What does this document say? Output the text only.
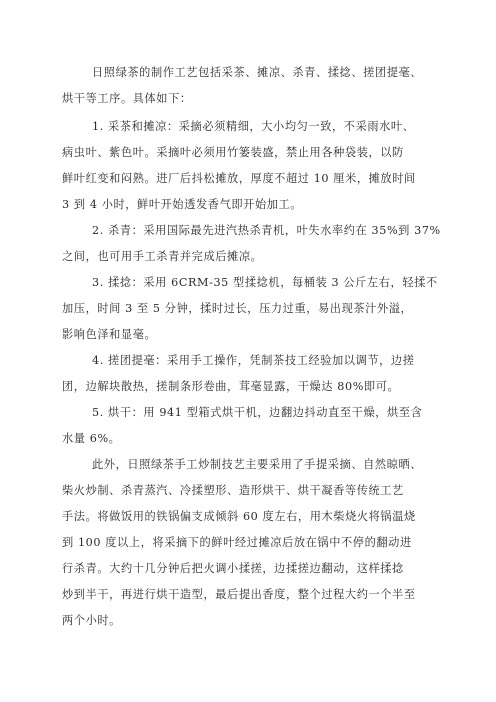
日照绿茶的制作工艺包括采茶、摊凉、杀青、揉捻、搓团提毫、
烘干等工序。具体如下：
1. 采茶和摊凉：采摘必须精细，大小均匀一致，不采雨水叶、
病虫叶、紫色叶。采摘叶必须用竹篓装盛，禁止用各种袋装，以防
鲜叶红变和闷熟。进厂后抖松摊放，厚度不超过 10 厘米，摊放时间
3 到 4 小时，鲜叶开始透发香气即开始加工。
2. 杀青：采用国际最先进汽热杀青机，叶失水率约在 35%到 37%
之间，也可用手工杀青并完成后摊凉。
3. 揉捻：采用 6CRM-35 型揉捻机，每桶装 3 公斤左右，轻揉不
加压，时间 3 至 5 分钟，揉时过长，压力过重，易出现茶汁外溢，
影响色泽和显毫。
4. 搓团提毫：采用手工操作，凭制茶技工经验加以调节，边搓
团，边解块散热，搓制条形卷曲，茸毫显露，干燥达 80%即可。
5. 烘干：用 941 型箱式烘干机，边翻边抖动直至干燥，烘至含
水量 6%。
此外，日照绿茶手工炒制技艺主要采用了手提采摘、自然晾晒、
柴火炒制、杀青蒸汽、冷揉塑形、造形烘干、烘干凝香等传统工艺
手法。将做饭用的铁锅偏支成倾斜 60 度左右，用木柴烧火将锅温烧
到 100 度以上，将采摘下的鲜叶经过摊凉后放在锅中不停的翻动进
行杀青。大约十几分钟后把火调小揉搓，边揉搓边翻动，这样揉捻
炒到半干，再进行烘干造型，最后提出香度，整个过程大约一个半至
两个小时。
